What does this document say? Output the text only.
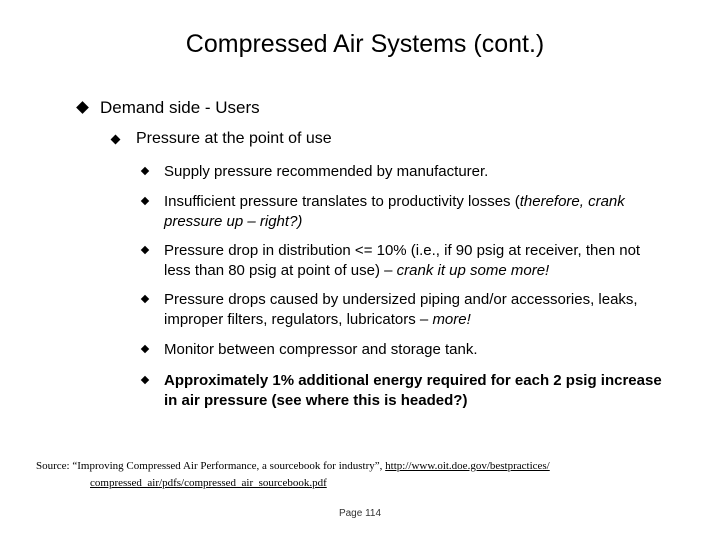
Compressed Air Systems (cont.)
Demand side - Users
Pressure at the point of use
Supply pressure recommended by manufacturer.
Insufficient pressure translates to productivity losses (therefore, crank pressure up – right?)
Pressure drop in distribution <= 10% (i.e., if 90 psig at receiver, then not less than 80 psig at point of use) – crank it up some more!
Pressure drops caused by undersized piping and/or accessories, leaks, improper filters, regulators, lubricators – more!
Monitor between compressor and storage tank.
Approximately 1% additional energy required for each 2 psig increase in air pressure (see where this is headed?)
Source: “Improving Compressed Air Performance, a sourcebook for industry”, http://www.oit.doe.gov/bestpractices/
compressed_air/pdfs/compressed_air_sourcebook.pdf
Page 114
